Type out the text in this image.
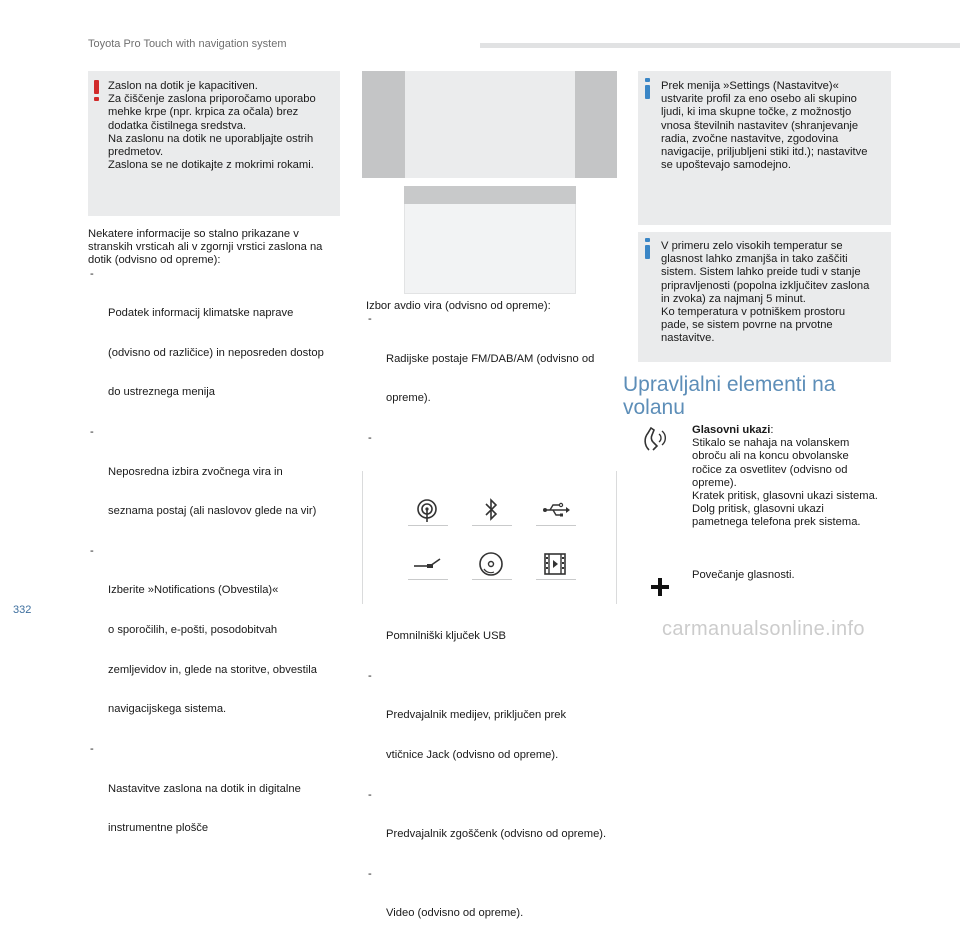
Toyota Pro Touch with navigation system
Zaslon na dotik je kapacitiven.
Za čiščenje zaslona priporočamo uporabo
mehke krpe (npr. krpica za očala) brez
dodatka čistilnega sredstva.
Na zaslonu na dotik ne uporabljajte ostrih
predmetov.
Zaslona se ne dotikajte z mokrimi rokami.
Nekatere informacije so stalno prikazane v
stranskih vrsticah ali v zgornji vrstici zaslona na
dotik (odvisno od opreme):

-

Podatek informacij klimatske naprave

(odvisno od različice) in neposreden dostop

do ustreznega menija

-

Neposredna izbira zvočnega vira in

seznama postaj (ali naslovov glede na vir)

-

Izberite »Notifications (Obvestila)«

o sporočilih, e-pošti, posodobitvah

zemljevidov in, glede na storitve, obvestila

navigacijskega sistema.

-

Nastavitve zaslona na dotik in digitalne

instrumentne plošče

Izbor avdio vira (odvisno od opreme):

-

Radijske postaje FM/DAB/AM (odvisno od

opreme).

-

Pomnilniški ključek USB

-

Predvajalnik medijev, priključen prek

vtičnice Jack (odvisno od opreme).

-

Predvajalnik zgoščenk (odvisno od opreme).

-

Video (odvisno od opreme).

Prek menija »Settings (Nastavitve)«
ustvarite profil za eno osebo ali skupino
ljudi, ki ima skupne točke, z možnostjo
vnosa številnih nastavitev (shranjevanje
radia, zvočne nastavitve, zgodovina
navigacije, priljubljeni stiki itd.); nastavitve
se upoštevajo samodejno.
V primeru zelo visokih temperatur se
glasnost lahko zmanjša in tako zaščiti
sistem. Sistem lahko preide tudi v stanje
pripravljenosti (popolna izključitev zaslona
in zvoka) za najmanj 5 minut.
Ko temperatura v potniškem prostoru
pade, se sistem povrne na prvotne
nastavitve.
Upravljalni elementi na
volanu
Glasovni ukazi:
Stikalo se nahaja na volanskem
obroču ali na koncu obvolanske
ročice za osvetlitev (odvisno od
opreme).
Kratek pritisk, glasovni ukazi sistema.
Dolg pritisk, glasovni ukazi
pametnega telefona prek sistema.
Povečanje glasnosti.
332
carmanualsonline.info
